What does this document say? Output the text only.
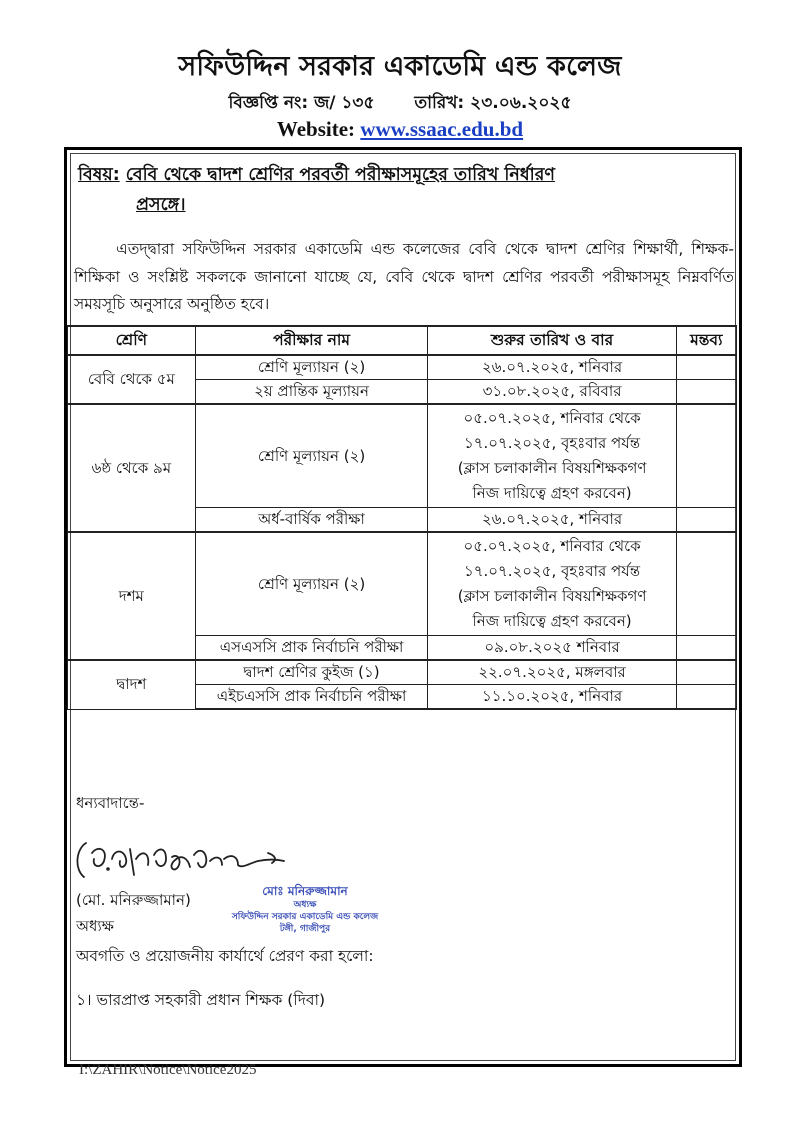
সফিউদ্দিন সরকার একাডেমি এন্ড কলেজ
বিজ্ঞপ্তি নং: জ/ ১৩৫ তারিখ: ২৩.০৬.২০২৫
Website: www.ssaac.edu.bd
বিষয়: বেবি থেকে দ্বাদশ শ্রেণির পরবর্তী পরীক্ষাসমূহের তারিখ নির্ধারণ
প্রসঙ্গে।
এতদ্দ্বারা সফিউদ্দিন সরকার একাডেমি এন্ড কলেজের বেবি থেকে দ্বাদশ শ্রেণির শিক্ষার্থী, শিক্ষক-শিক্ষিকা ও সংশ্লিষ্ট সকলকে জানানো যাচ্ছে যে, বেবি থেকে দ্বাদশ শ্রেণির পরবর্তী পরীক্ষাসমূহ নিম্নবর্ণিত সময়সূচি অনুসারে অনুষ্ঠিত হবে।
শ্রেণি	পরীক্ষার নাম	শুরুর তারিখ ও বার	মন্তব্য
বেবি থেকে ৫ম	শ্রেণি মূল্যায়ন (২)	২৬.০৭.২০২৫, শনিবার	

	২য় প্রান্তিক মূল্যায়ন	৩১.০৮.২০২৫, রবিবার	

৬ষ্ঠ থেকে ৯ম	শ্রেণি মূল্যায়ন (২)	০৫.০৭.২০২৫, শনিবার থেকে
১৭.০৭.২০২৫, বৃহঃবার পর্যন্ত
(ক্লাস চলাকালীন বিষয়শিক্ষকগণ
নিজ দায়িত্বে গ্রহণ করবেন)	

	অর্ধ-বার্ষিক পরীক্ষা	২৬.০৭.২০২৫, শনিবার	

দশম	শ্রেণি মূল্যায়ন (২)	০৫.০৭.২০২৫, শনিবার থেকে
১৭.০৭.২০২৫, বৃহঃবার পর্যন্ত
(ক্লাস চলাকালীন বিষয়শিক্ষকগণ
নিজ দায়িত্বে গ্রহণ করবেন)	

	এসএসসি প্রাক নির্বাচনি পরীক্ষা	০৯.০৮.২০২৫ শনিবার	

দ্বাদশ	দ্বাদশ শ্রেণির কুইজ (১)	২২.০৭.২০২৫, মঙ্গলবার	

	এইচএসসি প্রাক নির্বাচনি পরীক্ষা	১১.১০.২০২৫, শনিবার	

ধন্যবাদান্তে-
(মো. মনিরুজ্জামান)
অধ্যক্ষ
মোঃ মনিরুজ্জামান
অধ্যক্ষ
সফিউদ্দিন সরকার একাডেমি এন্ড কলেজ
টঙ্গী, গাজীপুর
অবগতি ও প্রয়োজনীয় কার্যার্থে প্রেরণ করা হলো:
১। ভারপ্রাপ্ত সহকারী প্রধান শিক্ষক (দিবা)
I:\ZAHIR\Notice\Notice2025
